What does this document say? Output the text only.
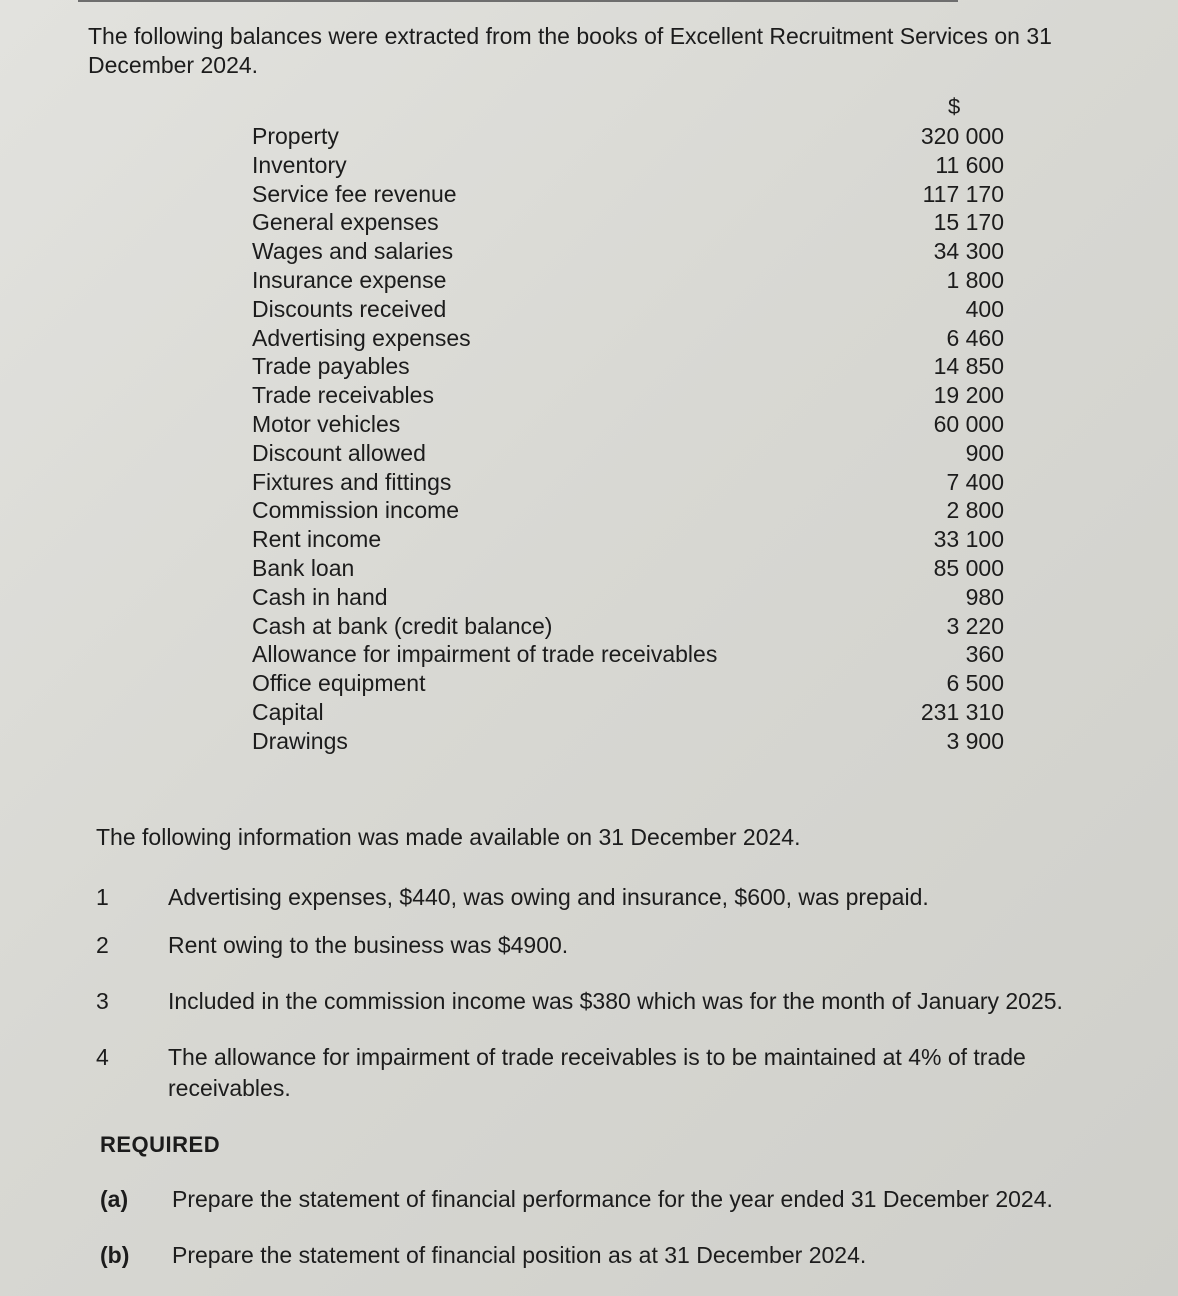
The following balances were extracted from the books of Excellent Recruitment Services on 31 December 2024.
$
Property	320 000
Inventory	11 600
Service fee revenue	117 170
General expenses	15 170
Wages and salaries	34 300
Insurance expense	1 800
Discounts received	400
Advertising expenses	6 460
Trade payables	14 850
Trade receivables	19 200
Motor vehicles	60 000
Discount allowed	900
Fixtures and fittings	7 400
Commission income	2 800
Rent income	33 100
Bank loan	85 000
Cash in hand	980
Cash at bank (credit balance)	3 220
Allowance for impairment of trade receivables	360
Office equipment	6 500
Capital	231 310
Drawings	3 900
The following information was made available on 31 December 2024.
1	Advertising expenses, $440, was owing and insurance, $600, was prepaid.
2	Rent owing to the business was $4900.
3	Included in the commission income was $380 which was for the month of January 2025.
4	The allowance for impairment of trade receivables is to be maintained at 4% of trade receivables.
REQUIRED
(a)	Prepare the statement of financial performance for the year ended 31 December 2024.
(b)	Prepare the statement of financial position as at 31 December 2024.
